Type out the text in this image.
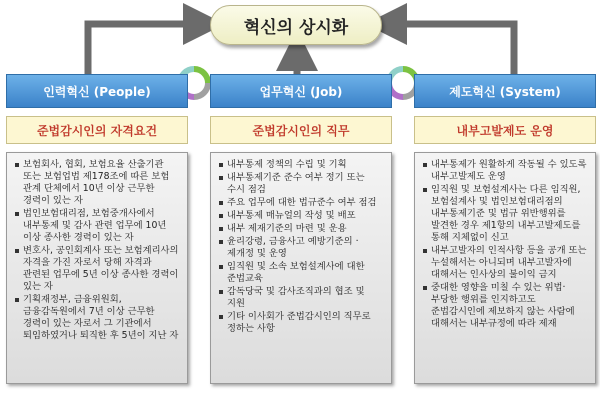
혁신의 상시화
인력혁신 (People)
준법감시인의 자격요건
보험회사, 협회, 보험요율 산출기관 또는 보험업법 제178조에 따른 보험 관계 단체에서 10년 이상 근무한 경력이 있는 자
법인보험대리점, 보험중개사에서 내부통제 및 감사 관련 업무에 10년 이상 종사한 경력이 있는 자
변호사, 공인회계사 또는 보험계리사의 자격을 가진 자로서 당해 자격과 관련된 업무에 5년 이상 종사한 경력이 있는 자
기획재정부, 금융위원회, 금융감독원에서 7년 이상 근무한 경력이 있는 자로서 그 기관에서 퇴임하였거나 퇴직한 후 5년이 지난 자
업무혁신 (Job)
준법감시인의 직무
내부통제 정책의 수립 및 기획
내부통제기준 준수 여부 정기 또는 수시 점검
주요 업무에 대한 법규준수 여부 점검
내부통제 매뉴얼의 작성 및 배포
내부 제재기준의 마련 및 운용
윤리강령, 금융사고 예방기준의 ·제개정 및 운영
임직원 및 소속 보험설계사에 대한 준법교육
감독당국 및 감사조직과의 협조 및 지원
기타 이사회가 준법감시인의 직무로 정하는 사항
제도혁신 (System)
내부고발제도 운영
내부통제가 원활하게 작동될 수 있도록 내부고발제도 운영
임직원 및 보험설계사는 다른 임직원, 보험설계사 및 법인보험대리점의 내부통제기준 및 법규 위반행위를 발견한 경우 제1항의 내부고발제도를 통해 지체없이 신고
내부고발자의 인적사항 등을 공개 또는 누설해서는 아니되며 내부고발자에 대해서는 인사상의 불이익 금지
중대한 영향을 미칠 수 있는 위법·부당한 행위를 인지하고도 준법감시인에 제보하지 않는 사람에 대해서는 내부규정에 따라 제재
